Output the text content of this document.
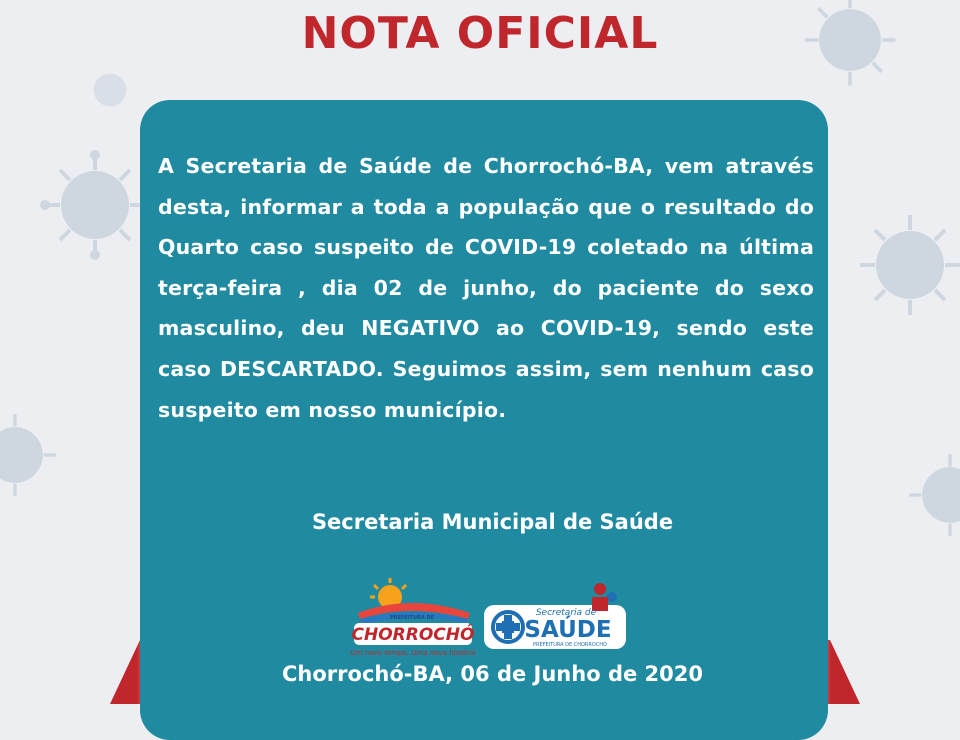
NOTA OFICIAL
A Secretaria de Saúde de Chorrochó-BA, vem através desta, informar a toda a população que o resultado do Quarto caso suspeito de COVID-19 coletado na última terça-feira , dia 02 de junho, do paciente do sexo masculino, deu NEGATIVO ao COVID-19, sendo este caso DESCARTADO. Seguimos assim, sem nenhum caso suspeito em nosso município.
Secretaria Municipal de Saúde
PREFEITURA DE
CHORROCHÓ
Um novo tempo, Uma nova história
Secretaria de
SAÚDE
PREFEITURA DE CHORROCHÓ
Chorrochó-BA, 06 de Junho de 2020
